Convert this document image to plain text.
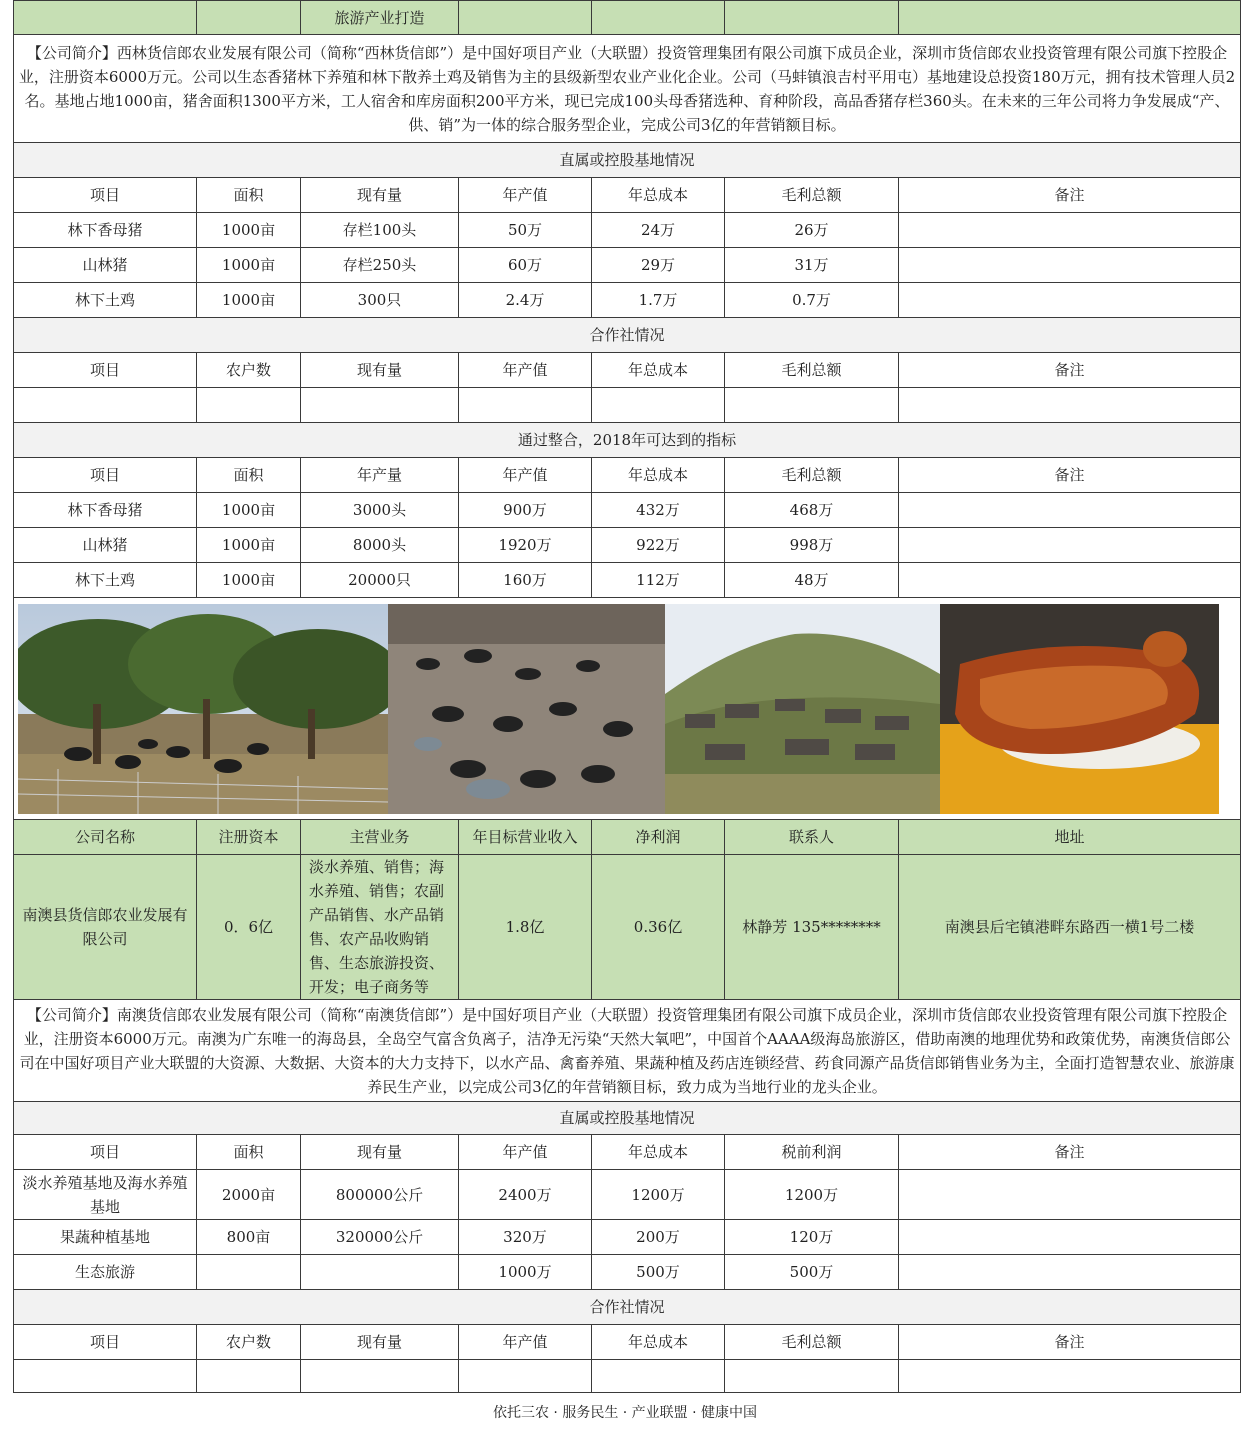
		旅游产业打造				
【公司简介】西林货信郎农业发展有限公司（简称“西林货信郎”）是中国好项目产业（大联盟）投资管理集团有限公司旗下成员企业，深圳市货信郎农业投资管理有限公司旗下控股企业，注册资本6000万元。公司以生态香猪林下养殖和林下散养土鸡及销售为主的县级新型农业产业化企业。公司（马蚌镇浪吉村平用屯）基地建设总投资180万元，拥有技术管理人员2名。基地占地1000亩，猪舍面积1300平方米，工人宿舍和库房面积200平方米，现已完成100头母香猪选种、育种阶段，高品香猪存栏360头。在未来的三年公司将力争发展成“产、供、销”为一体的综合服务型企业，完成公司3亿的年营销额目标。						
直属或控股基地情况						
项目	面积	现有量	年产值	年总成本	毛利总额	备注
林下香母猪	1000亩	存栏100头	50万	24万	26万	
山林猪	1000亩	存栏250头	60万	29万	31万	
林下土鸡	1000亩	300只	2.4万	1.7万	0.7万	
合作社情况						
项目	农户数	现有量	年产值	年总成本	毛利总额	备注

通过整合，2018年可达到的指标						
项目	面积	年产量	年产值	年总成本	毛利总额	备注
林下香母猪	1000亩	3000头	900万	432万	468万	
山林猪	1000亩	8000头	1920万	922万	998万	
林下土鸡	1000亩	20000只	160万	112万	48万	

公司名称	注册资本	主营业务	年目标营业收入	净利润	联系人	地址
南澳县货信郎农业发展有限公司	0．6亿	淡水养殖、销售；海水养殖、销售；农副产品销售、水产品销售、农产品收购销售、生态旅游投资、开发；电子商务等	1.8亿	0.36亿	林静芳 135********	南澳县后宅镇港畔东路西一横1号二楼
【公司简介】南澳货信郎农业发展有限公司（简称“南澳货信郎”）是中国好项目产业（大联盟）投资管理集团有限公司旗下成员企业，深圳市货信郎农业投资管理有限公司旗下控股企业，注册资本6000万元。南澳为广东唯一的海岛县，全岛空气富含负离子，洁净无污染“天然大氧吧”，中国首个AAAA级海岛旅游区，借助南澳的地理优势和政策优势，南澳货信郎公司在中国好项目产业大联盟的大资源、大数据、大资本的大力支持下，以水产品、禽畜养殖、果蔬种植及药店连锁经营、药食同源产品货信郎销售业务为主，全面打造智慧农业、旅游康养民生产业，以完成公司3亿的年营销额目标，致力成为当地行业的龙头企业。						
直属或控股基地情况						
项目	面积	现有量	年产值	年总成本	税前利润	备注
淡水养殖基地及海水养殖基地	2000亩	800000公斤	2400万	1200万	1200万	
果蔬种植基地	800亩	320000公斤	320万	200万	120万	
生态旅游			1000万	500万	500万	
合作社情况						
项目	农户数	现有量	年产值	年总成本	毛利总额	备注

依托三农 · 服务民生 · 产业联盟 · 健康中国
